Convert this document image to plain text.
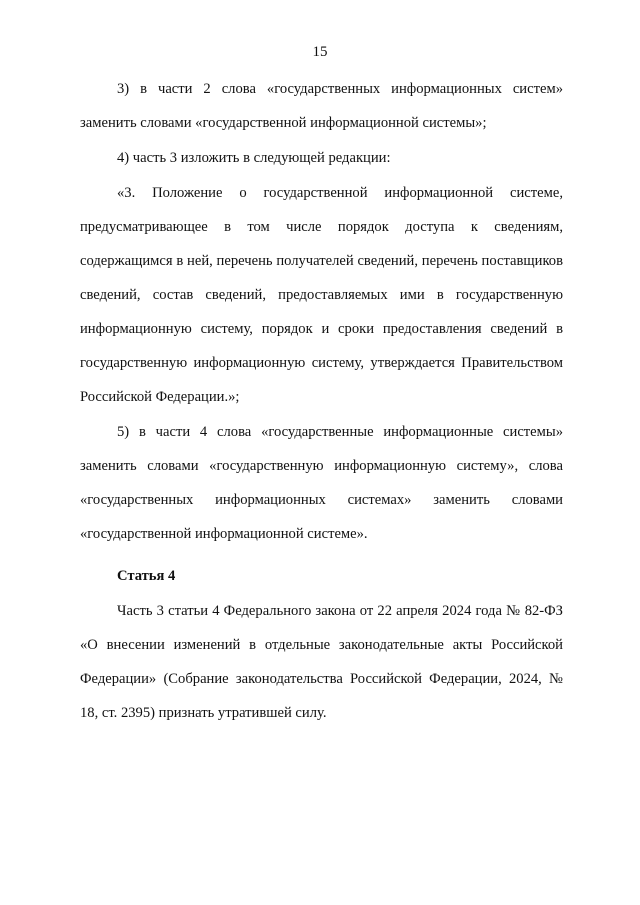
15

3) в части 2 слова «государственных информационных систем» заменить словами «государственной информационной системы»;

4) часть 3 изложить в следующей редакции:

«3. Положение о государственной информационной системе, предусматривающее в том числе порядок доступа к сведениям, содержащимся в ней, перечень получателей сведений, перечень поставщиков сведений, состав сведений, предоставляемых ими в государственную информационную систему, порядок и сроки предоставления сведений в государственную информационную систему, утверждается Правительством Российской Федерации.»;

5) в части 4 слова «государственные информационные системы» заменить словами «государственную информационную систему», слова «государственных информационных системах» заменить словами «государственной информационной системе».

Статья 4

Часть 3 статьи 4 Федерального закона от 22 апреля 2024 года № 82-ФЗ «О внесении изменений в отдельные законодательные акты Российской Федерации» (Собрание законодательства Российской Федерации, 2024, № 18, ст. 2395) признать утратившей силу.
